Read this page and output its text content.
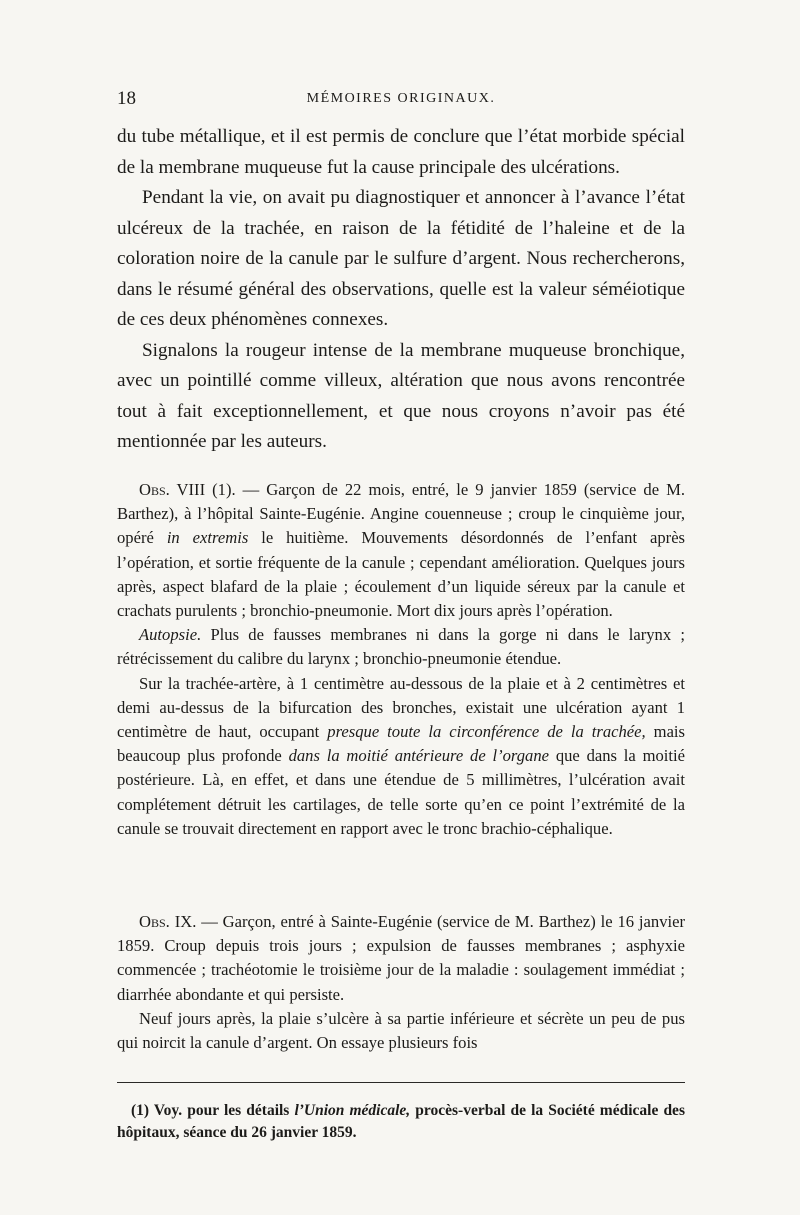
18	MÉMOIRES ORIGINAUX.

du tube métallique, et il est permis de conclure que l’état morbide spécial de la membrane muqueuse fut la cause principale des ulcérations.

Pendant la vie, on avait pu diagnostiquer et annoncer à l’avance l’état ulcéreux de la trachée, en raison de la fétidité de l’haleine et de la coloration noire de la canule par le sulfure d’argent. Nous rechercherons, dans le résumé général des observations, quelle est la valeur séméiotique de ces deux phénomènes connexes.

Signalons la rougeur intense de la membrane muqueuse bronchique, avec un pointillé comme villeux, altération que nous avons rencontrée tout à fait exceptionnellement, et que nous croyons n’avoir pas été mentionnée par les auteurs.

Obs. VIII (1). — Garçon de 22 mois, entré, le 9 janvier 1859 (service de M. Barthez), à l’hôpital Sainte-Eugénie. Angine couenneuse ; croup le cinquième jour, opéré in extremis le huitième. Mouvements désordonnés de l’enfant après l’opération, et sortie fréquente de la canule ; cependant amélioration. Quelques jours après, aspect blafard de la plaie ; écoulement d’un liquide séreux par la canule et crachats purulents ; bronchio-pneumonie. Mort dix jours après l’opération.

Autopsie. Plus de fausses membranes ni dans la gorge ni dans le larynx ; rétrécissement du calibre du larynx ; bronchio-pneumonie étendue.

Sur la trachée-artère, à 1 centimètre au-dessous de la plaie et à 2 centimètres et demi au-dessus de la bifurcation des bronches, existait une ulcération ayant 1 centimètre de haut, occupant presque toute la circonférence de la trachée, mais beaucoup plus profonde dans la moitié antérieure de l’organe que dans la moitié postérieure. Là, en effet, et dans une étendue de 5 millimètres, l’ulcération avait complétement détruit les cartilages, de telle sorte qu’en ce point l’extrémité de la canule se trouvait directement en rapport avec le tronc brachio-céphalique.

Obs. IX. — Garçon, entré à Sainte-Eugénie (service de M. Barthez) le 16 janvier 1859. Croup depuis trois jours ; expulsion de fausses membranes ; asphyxie commencée ; trachéotomie le troisième jour de la maladie : soulagement immédiat ; diarrhée abondante et qui persiste.

Neuf jours après, la plaie s’ulcère à sa partie inférieure et sécrète un peu de pus qui noircit la canule d’argent. On essaye plusieurs fois

(1) Voy. pour les détails l’Union médicale, procès-verbal de la Société médicale des hôpitaux, séance du 26 janvier 1859.
